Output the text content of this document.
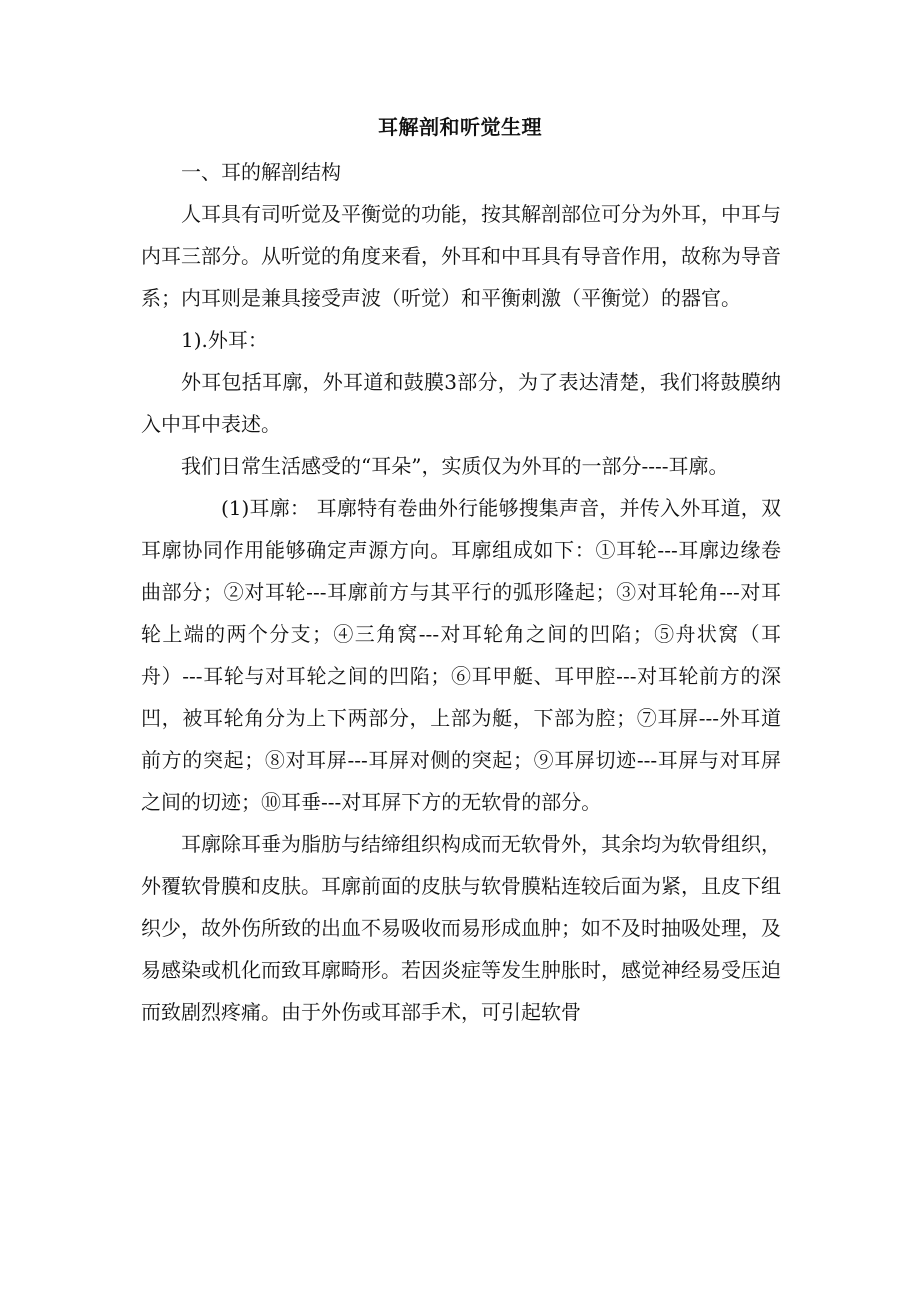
耳解剖和听觉生理

一、耳的解剖结构

人耳具有司听觉及平衡觉的功能，按其解剖部位可分为外耳，中耳与内耳三部分。从听觉的角度来看，外耳和中耳具有导音作用，故称为导音系；内耳则是兼具接受声波（听觉）和平衡刺激（平衡觉）的器官。

1).外耳：

外耳包括耳廓，外耳道和鼓膜3部分，为了表达清楚，我们将鼓膜纳入中耳中表述。

我们日常生活感受的“耳朵”，实质仅为外耳的一部分----耳廓。

(1)耳廓： 耳廓特有卷曲外行能够搜集声音，并传入外耳道，双耳廓协同作用能够确定声源方向。耳廓组成如下：①耳轮---耳廓边缘卷曲部分；②对耳轮---耳廓前方与其平行的弧形隆起；③对耳轮角---对耳轮上端的两个分支；④三角窝---对耳轮角之间的凹陷；⑤舟状窝（耳舟）---耳轮与对耳轮之间的凹陷；⑥耳甲艇、耳甲腔---对耳轮前方的深凹，被耳轮角分为上下两部分，上部为艇，下部为腔；⑦耳屏---外耳道前方的突起；⑧对耳屏---耳屏对侧的突起；⑨耳屏切迹---耳屏与对耳屏之间的切迹；⑩耳垂---对耳屏下方的无软骨的部分。

耳廓除耳垂为脂肪与结缔组织构成而无软骨外，其余均为软骨组织，外覆软骨膜和皮肤。耳廓前面的皮肤与软骨膜粘连较后面为紧，且皮下组织少，故外伤所致的出血不易吸收而易形成血肿；如不及时抽吸处理，及易感染或机化而致耳廓畸形。若因炎症等发生肿胀时，感觉神经易受压迫而致剧烈疼痛。由于外伤或耳部手术，可引起软骨
